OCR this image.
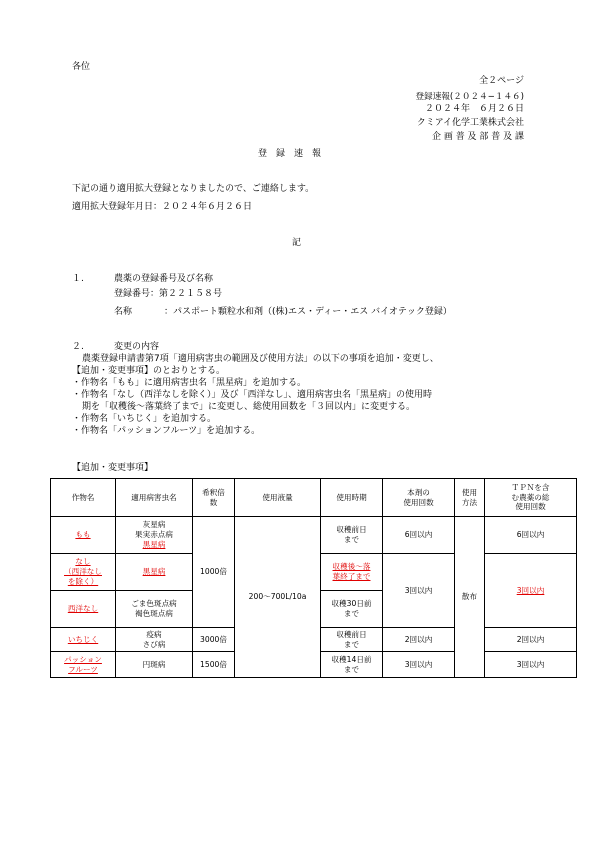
各位
全２ページ
登録速報(２０２４−１４６)
２０２４年　６月２６日
クミアイ化学工業株式会社
企 画 普 及 部 普 及 課
登　録　速　報
下記の通り適用拡大登録となりましたので、ご連絡します。
適用拡大登録年月日：２０２４年６月２６日
記
１.	農薬の登録番号及び名称
登録番号：第２２１５８号
名称	：パスポート顆粒水和剤（(株)エス・ディー・エス バイオテック登録）
２.	変更の内容
農薬登録申請書第7項「適用病害虫の範囲及び使用方法」の以下の事項を追加・変更し、
【追加・変更事項】のとおりとする。
・作物名「もも」に適用病害虫名「黒星病」を追加する。
・作物名「なし（西洋なしを除く）」及び「西洋なし」、適用病害虫名「黒星病」の使用時
期を「収穫後〜落葉終了まで」に変更し、総使用回数を「３回以内」に変更する。
・作物名「いちじく」を追加する。
・作物名「パッションフルーツ」を追加する。
【追加・変更事項】
作物名	適用病害虫名	希釈倍
数	使用液量	使用時期	本剤の
使用回数	使用
方法	ＴＰＮを含
む農薬の総
使用回数

もも	灰星病
果実赤点病
黒星病	1000倍	200〜700L/10a	収穫前日
まで	6回以内	散布	6回以内

なし
（西洋なし
を除く）	黒星病			収穫後〜落
葉終了まで	3回以内		3回以内

西洋なし	ごま色斑点病
褐色斑点病			収穫30日前
まで			

いちじく	疫病
さび病	3000倍		収穫前日
まで	2回以内		2回以内

パッション
フルーツ	円斑病	1500倍		収穫14日前
まで	3回以内		3回以内
